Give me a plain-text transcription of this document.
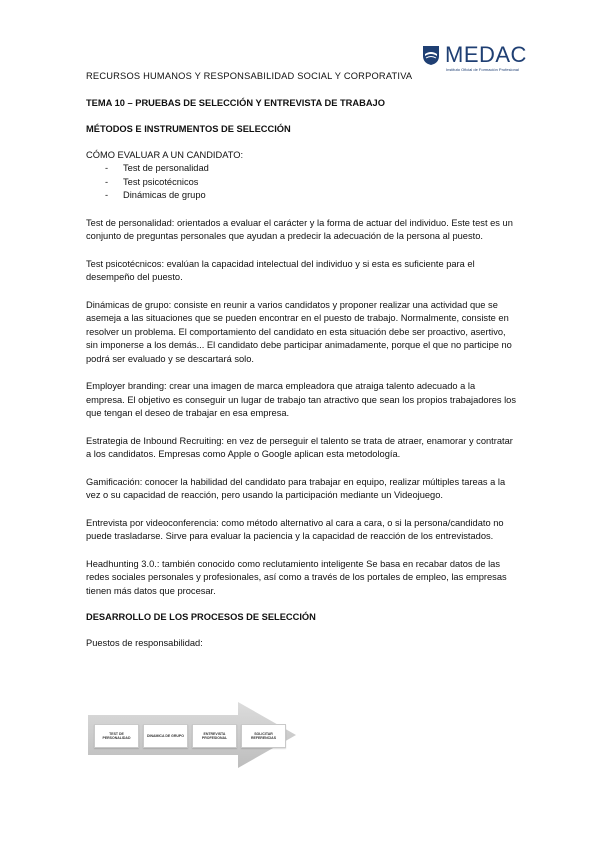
MEDAC
Instituto Oficial de Formación Profesional
RECURSOS HUMANOS Y RESPONSABILIDAD SOCIAL Y CORPORATIVA
TEMA 10 – PRUEBAS DE SELECCIÓN Y ENTREVISTA DE TRABAJO
MÉTODOS E INSTRUMENTOS DE SELECCIÓN
CÓMO EVALUAR A UN CANDIDATO:
- Test de personalidad
- Test psicotécnicos
- Dinámicas de grupo

Test de personalidad: orientados a evaluar el carácter y la forma de actuar del individuo. Este test es un conjunto de preguntas personales que ayudan a predecir la adecuación de la persona al puesto.

Test psicotécnicos: evalúan la capacidad intelectual del individuo y si esta es suficiente para el desempeño del puesto.

Dinámicas de grupo: consiste en reunir a varios candidatos y proponer realizar una actividad que se asemeja a las situaciones que se pueden encontrar en el puesto de trabajo. Normalmente, consiste en resolver un problema. El comportamiento del candidato en esta situación debe ser proactivo, asertivo, sin imponerse a los demás... El candidato debe participar animadamente, porque el que no participe no podrá ser evaluado y se descartará solo.

Employer branding: crear una imagen de marca empleadora que atraiga talento adecuado a la empresa. El objetivo es conseguir un lugar de trabajo tan atractivo que sean los propios trabajadores los que tengan el deseo de trabajar en esa empresa.

Estrategia de Inbound Recruiting: en vez de perseguir el talento se trata de atraer, enamorar y contratar a los candidatos. Empresas como Apple o Google aplican esta metodología.

Gamificación: conocer la habilidad del candidato para trabajar en equipo, realizar múltiples tareas a la vez o su capacidad de reacción, pero usando la participación mediante un Videojuego.

Entrevista por videoconferencia: como método alternativo al cara a cara, o si la persona/candidato no puede trasladarse. Sirve para evaluar la paciencia y la capacidad de reacción de los entrevistados.

Headhunting 3.0.: también conocido como reclutamiento inteligente Se basa en recabar datos de las redes sociales personales y profesionales, así como a través de los portales de empleo, las empresas tienen más datos que procesar.

DESARROLLO DE LOS PROCESOS DE SELECCIÓN
Puestos de responsabilidad:
TEST DE PERSONALIDAD
DINAMICA DE GRUPO
ENTREVISTA PROFESIONAL
SOLICITAR REFERENCIAS
